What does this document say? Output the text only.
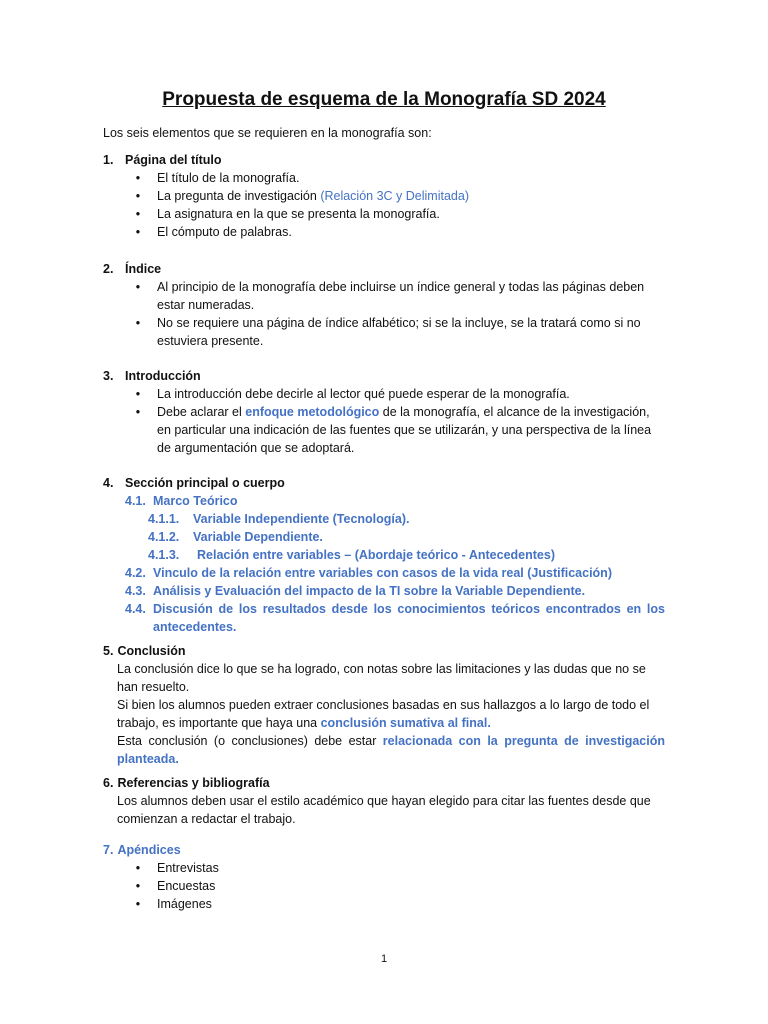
Propuesta de esquema de la Monografía SD 2024
Los seis elementos que se requieren en la monografía son:
1. Página del título
• El título de la monografía.
• La pregunta de investigación (Relación 3C y Delimitada)
• La asignatura en la que se presenta la monografía.
• El cómputo de palabras.
2. Índice
• Al principio de la monografía debe incluirse un índice general y todas las páginas deben
estar numeradas.
• No se requiere una página de índice alfabético; si se la incluye, se la tratará como si no
estuviera presente.
3. Introducción
• La introducción debe decirle al lector qué puede esperar de la monografía.
• Debe aclarar el enfoque metodológico de la monografía, el alcance de la investigación,
en particular una indicación de las fuentes que se utilizarán, y una perspectiva de la línea
de argumentación que se adoptará.
4. Sección principal o cuerpo
4.1. Marco Teórico
4.1.1.	Variable Independiente (Tecnología).
4.1.2.	Variable Dependiente.
4.1.3.	Relación entre variables – (Abordaje teórico - Antecedentes)
4.2. Vinculo de la relación entre variables con casos de la vida real (Justificación)
4.3. Análisis y Evaluación del impacto de la TI sobre la Variable Dependiente.
4.4. Discusión de los resultados desde los conocimientos teóricos encontrados en los
antecedentes.
5. Conclusión
La conclusión dice lo que se ha logrado, con notas sobre las limitaciones y las dudas que no se
han resuelto.
Si bien los alumnos pueden extraer conclusiones basadas en sus hallazgos a lo largo de todo el
trabajo, es importante que haya una conclusión sumativa al final.
Esta conclusión (o conclusiones) debe estar relacionada con la pregunta de investigación
planteada.
6. Referencias y bibliografía
Los alumnos deben usar el estilo académico que hayan elegido para citar las fuentes desde que
comienzan a redactar el trabajo.
7. Apéndices
• Entrevistas
• Encuestas
• Imágenes
1
